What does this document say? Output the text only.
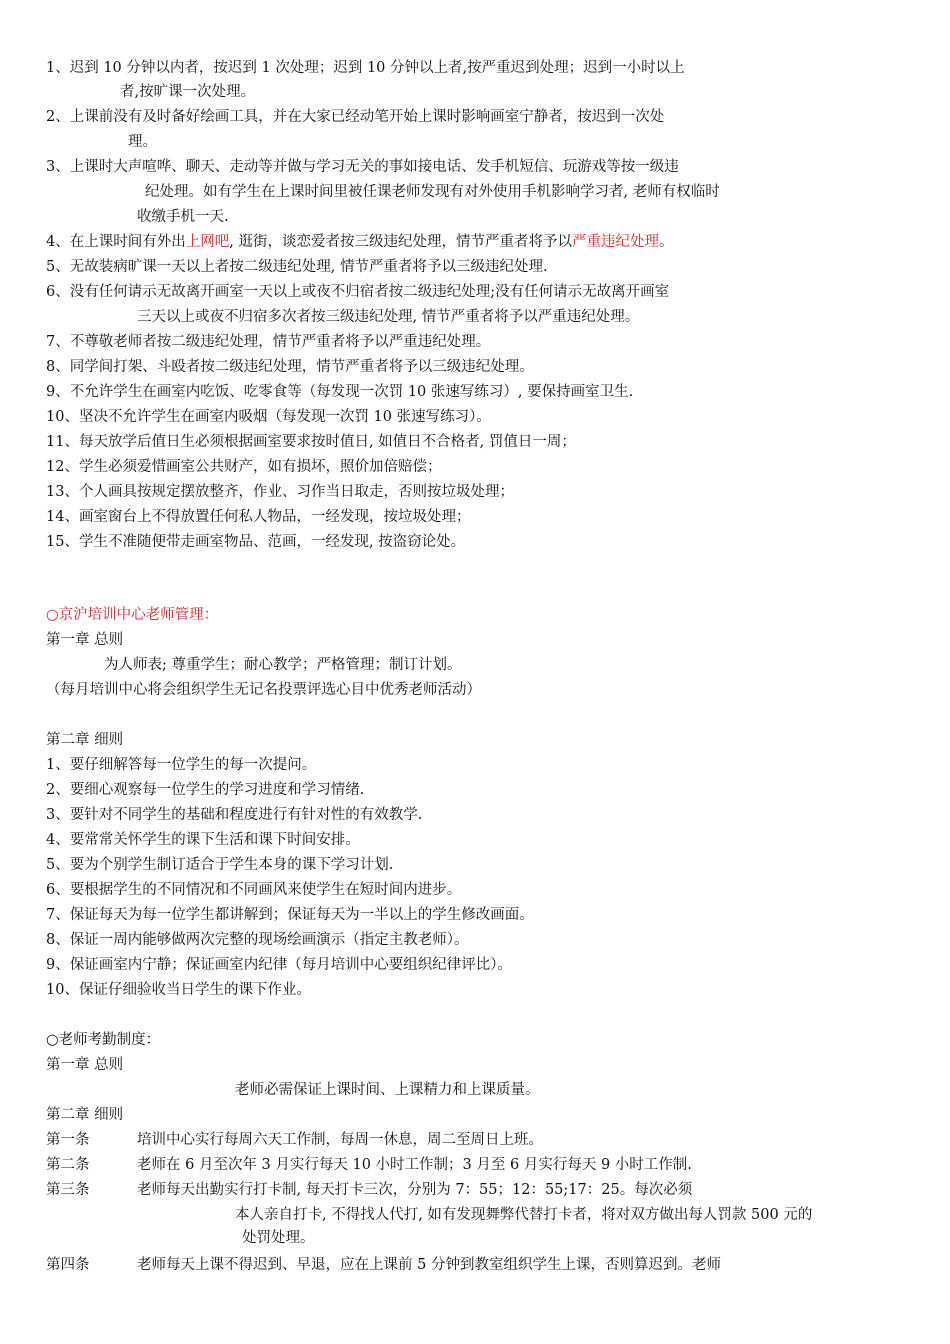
1、迟到 10 分钟以内者，按迟到 1 次处理；迟到 10 分钟以上者,按严重迟到处理；迟到一小时以上
者,按旷课一次处理。
2、上课前没有及时备好绘画工具，并在大家已经动笔开始上课时影响画室宁静者，按迟到一次处
理。
3、上课时大声喧哗、聊天、走动等并做与学习无关的事如接电话、发手机短信、玩游戏等按一级违
纪处理。如有学生在上课时间里被任课老师发现有对外使用手机影响学习者, 老师有权临时
收缴手机一天.
4、在上课时间有外出上网吧, 逛街，谈恋爱者按三级违纪处理，情节严重者将予以严重违纪处理。
5、无故装病旷课一天以上者按二级违纪处理, 情节严重者将予以三级违纪处理.
6、没有任何请示无故离开画室一天以上或夜不归宿者按二级违纪处理;没有任何请示无故离开画室
三天以上或夜不归宿多次者按三级违纪处理, 情节严重者将予以严重违纪处理。
7、不尊敬老师者按二级违纪处理，情节严重者将予以严重违纪处理。
8、同学间打架、斗殴者按二级违纪处理，情节严重者将予以三级违纪处理。
9、不允许学生在画室内吃饭、吃零食等（每发现一次罚 10 张速写练习）, 要保持画室卫生.
10、坚决不允许学生在画室内吸烟（每发现一次罚 10 张速写练习）。
11、每天放学后值日生必须根据画室要求按时值日, 如值日不合格者, 罚值日一周；
12、学生必须爱惜画室公共财产，如有损坏，照价加倍赔偿；
13、个人画具按规定摆放整齐，作业、习作当日取走，否则按垃圾处理；
14、画室窗台上不得放置任何私人物品，一经发现，按垃圾处理；
15、学生不准随便带走画室物品、范画，一经发现, 按盗窃论处。
○京沪培训中心老师管理：
第一章 总则
为人师表; 尊重学生；耐心教学；严格管理；制订计划。
（每月培训中心将会组织学生无记名投票评选心目中优秀老师活动）
第二章 细则
1、要仔细解答每一位学生的每一次提问。
2、要细心观察每一位学生的学习进度和学习情绪.
3、要针对不同学生的基础和程度进行有针对性的有效教学.
4、要常常关怀学生的课下生活和课下时间安排。
5、要为个别学生制订适合于学生本身的课下学习计划.
6、要根据学生的不同情况和不同画风来使学生在短时间内进步。
7、保证每天为每一位学生都讲解到；保证每天为一半以上的学生修改画面。
8、保证一周内能够做两次完整的现场绘画演示（指定主教老师）。
9、保证画室内宁静；保证画室内纪律（每月培训中心要组织纪律评比）。
10、保证仔细验收当日学生的课下作业。
○老师考勤制度：
第一章 总则
老师必需保证上课时间、上课精力和上课质量。
第二章 细则
第一条	培训中心实行每周六天工作制，每周一休息，周二至周日上班。
第二条	老师在 6 月至次年 3 月实行每天 10 小时工作制；3 月至 6 月实行每天 9 小时工作制.
第三条	老师每天出勤实行打卡制, 每天打卡三次，分别为 7：55；12：55;17：25。每次必须
本人亲自打卡, 不得找人代打, 如有发现舞弊代替打卡者，将对双方做出每人罚款 500 元的
处罚处理。
第四条	老师每天上课不得迟到、早退，应在上课前 5 分钟到教室组织学生上课，否则算迟到。老师
